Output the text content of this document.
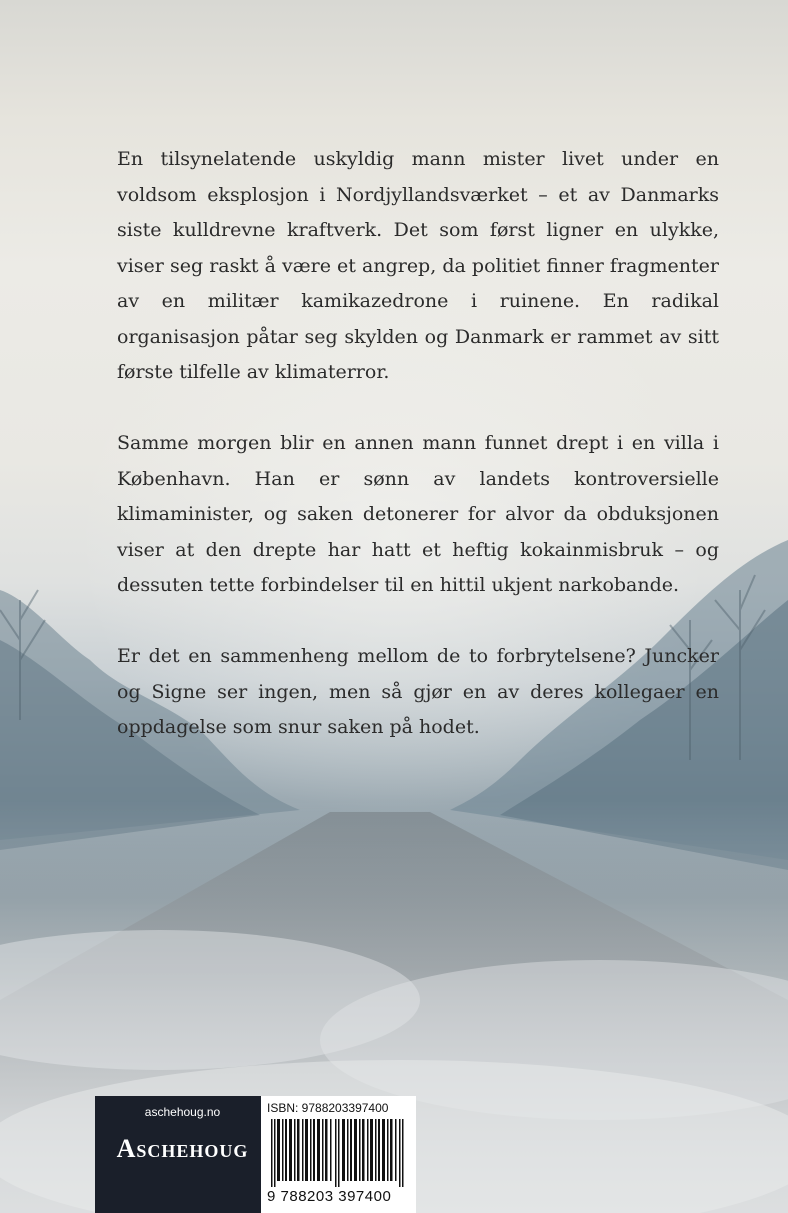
En tilsynelatende uskyldig mann mister livet under en voldsom eksplosjon i Nordjyllandsværket – et av Danmarks siste kulldrevne kraftverk. Det som først ligner en ulykke, viser seg raskt å være et angrep, da politiet finner fragmenter av en militær kamikazedrone i ruinene. En radikal organisasjon påtar seg skylden og Danmark er rammet av sitt første tilfelle av klimaterror.

Samme morgen blir en annen mann funnet drept i en villa i København. Han er sønn av landets kontroversielle klimaminister, og saken detonerer for alvor da obduksjonen viser at den drepte har hatt et heftig kokainmisbruk – og dessuten tette forbindelser til en hittil ukjent narkobande.

Er det en sammenheng mellom de to forbrytelsene? Juncker og Signe ser ingen, men så gjør en av deres kollegaer en oppdagelse som snur saken på hodet.

aschehoug.no
ASCHEHOUG
ISBN: 9788203397400
9 788203 397400
